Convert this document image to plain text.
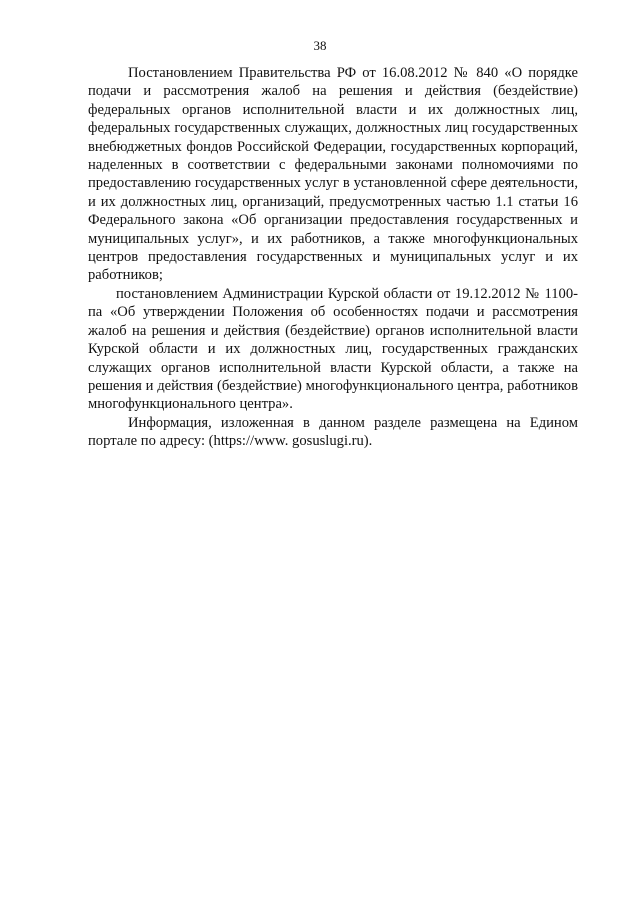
38

Постановлением Правительства РФ от 16.08.2012 № 840 «О порядке подачи и рассмотрения жалоб на решения и действия (бездействие) федеральных органов исполнительной власти и их должностных лиц, федеральных государственных служащих, должностных лиц государственных внебюджетных фондов Российской Федерации, государственных корпораций, наделенных в соответствии с федеральными законами полномочиями по предоставлению государственных услуг в установленной сфере деятельности, и их должностных лиц, организаций, предусмотренных частью 1.1 статьи 16 Федерального закона «Об организации предоставления государственных и муниципальных услуг», и их работников, а также многофункциональных центров предоставления государственных и муниципальных услуг и их работников;

постановлением Администрации Курской области от 19.12.2012 № 1100-па «Об утверждении Положения об особенностях подачи и рассмотрения жалоб на решения и действия (бездействие) органов исполнительной власти Курской области и их должностных лиц, государственных гражданских служащих органов исполнительной власти Курской области, а также на решения и действия (бездействие) многофункционального центра, работников многофункционального центра».

Информация, изложенная в данном разделе размещена на Едином портале по адресу: (https://www. gosuslugi.ru).
